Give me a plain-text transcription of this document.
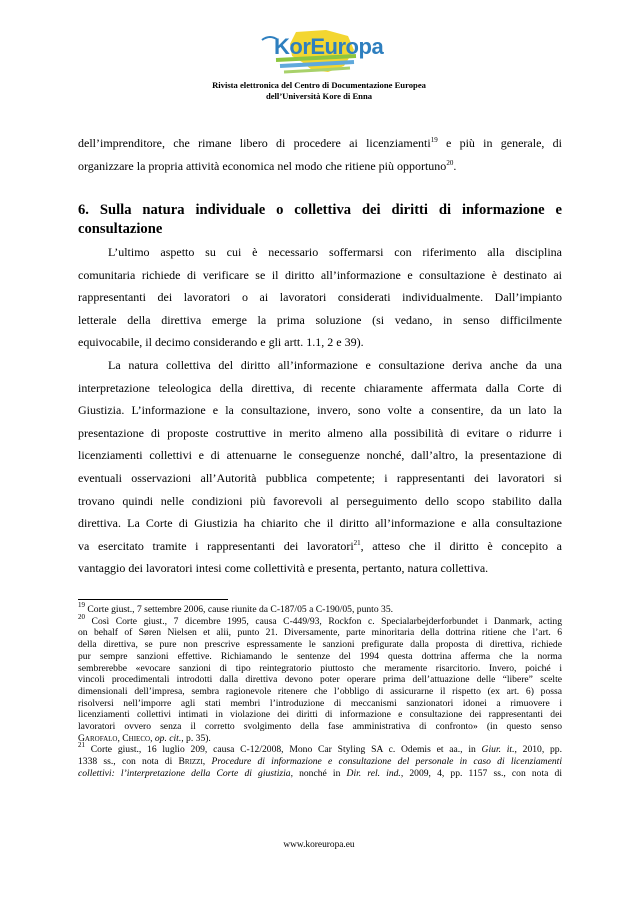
KorEuropa
Rivista elettronica del Centro di Documentazione Europea
dell’Università Kore di Enna
dell’imprenditore, che rimane libero di procedere ai licenziamenti$^{19}$ e più in generale, di
organizzare la propria attività economica nel modo che ritiene più opportuno$^{20}$.
6. Sulla natura individuale o collettiva dei diritti di informazione e consultazione
L’ultimo aspetto su cui è necessario soffermarsi con riferimento alla disciplina
comunitaria richiede di verificare se il diritto all’informazione e consultazione è destinato ai
rappresentanti dei lavoratori o ai lavoratori considerati individualmente. Dall’impianto
letterale della direttiva emerge la prima soluzione (si vedano, in senso difficilmente
equivocabile, il decimo considerando e gli artt. 1.1, 2 e 39).
La natura collettiva del diritto all’informazione e consultazione deriva anche da una
interpretazione teleologica della direttiva, di recente chiaramente affermata dalla Corte di
Giustizia. L’informazione e la consultazione, invero, sono volte a consentire, da un lato la
presentazione di proposte costruttive in merito almeno alla possibilità di evitare o ridurre i
licenziamenti collettivi e di attenuarne le conseguenze nonché, dall’altro, la presentazione di
eventuali osservazioni all’Autorità pubblica competente; i rappresentanti dei lavoratori si
trovano quindi nelle condizioni più favorevoli al perseguimento dello scopo stabilito dalla
direttiva. La Corte di Giustizia ha chiarito che il diritto all’informazione e alla consultazione
va esercitato tramite i rappresentanti dei lavoratori$^{21}$, atteso che il diritto è concepito a
vantaggio dei lavoratori intesi come collettività e presenta, pertanto, natura collettiva.
$^{19}$ Corte giust., 7 settembre 2006, cause riunite da C-187/05 a C-190/05, punto 35.
$^{20}$ Così Corte giust., 7 dicembre 1995, causa C-449/93, Rockfon c. Specialarbejderforbundet i Danmark, acting
on behalf of Søren Nielsen et alii, punto 21. Diversamente, parte minoritaria della dottrina ritiene che l’art. 6
della direttiva, se pure non prescrive espressamente le sanzioni prefigurate dalla proposta di direttiva, richiede
pur sempre sanzioni effettive. Richiamando le sentenze del 1994 questa dottrina afferma che la norma
sembrerebbe «evocare sanzioni di tipo reintegratorio piuttosto che meramente risarcitorio. Invero, poiché i
vincoli procedimentali introdotti dalla direttiva devono poter operare prima dell’attuazione delle “libere” scelte
dimensionali dell’impresa, sembra ragionevole ritenere che l’obbligo di assicurarne il rispetto (ex art. 6) possa
risolversi nell’imporre agli stati membri l’introduzione di meccanismi sanzionatori idonei a rimuovere i
licenziamenti collettivi intimati in violazione dei diritti di informazione e consultazione dei rappresentanti dei
lavoratori ovvero senza il corretto svolgimento della fase amministrativa di confronto» (in questo senso
Garofalo, Chieco, op. cit., p. 35).
$^{21}$ Corte giust., 16 luglio 209, causa C-12/2008, Mono Car Styling SA c. Odemis et aa., in Giur. it., 2010, pp.
1338 ss., con nota di Brizzi, Procedure di informazione e consultazione del personale in caso di licenziamenti
collettivi: l’interpretazione della Corte di giustizia, nonché in Dir. rel. ind., 2009, 4, pp. 1157 ss., con nota di
www.koreuropa.eu
